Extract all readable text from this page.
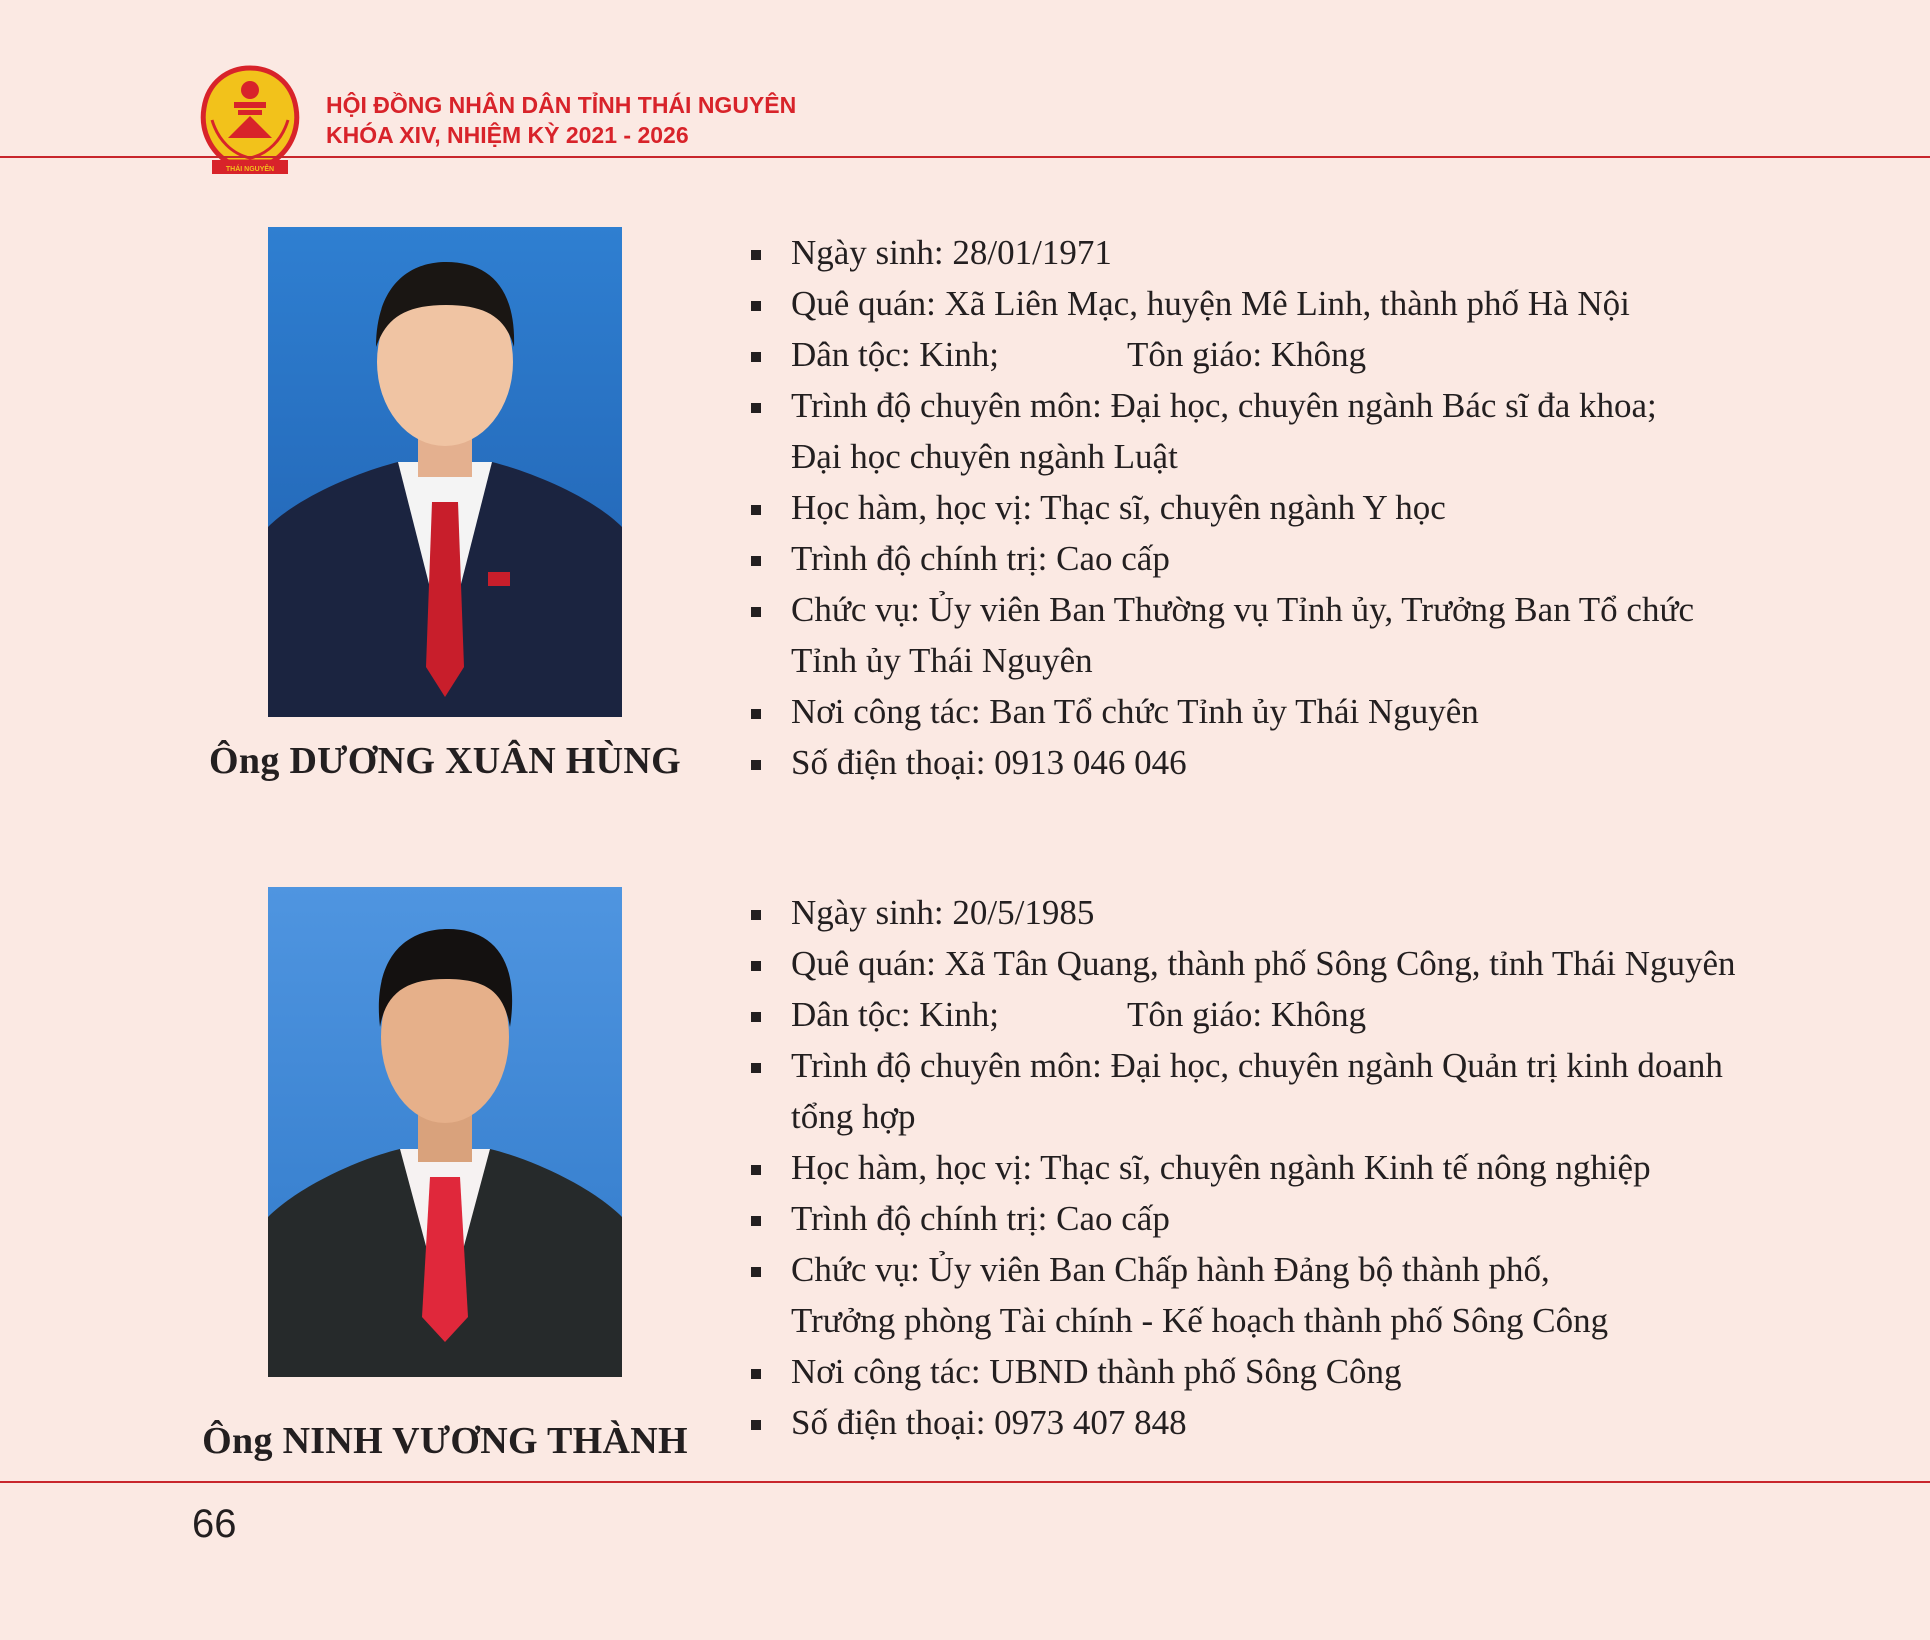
THÁI NGUYÊN
HỘI ĐỒNG NHÂN DÂN TỈNH THÁI NGUYÊN
KHÓA XIV, NHIỆM KỲ 2021 - 2026
Ông DƯƠNG XUÂN HÙNG
Ngày sinh: 28/01/1971
Quê quán: Xã Liên Mạc, huyện Mê Linh, thành phố Hà Nội
Dân tộc: Kinh;	Tôn giáo: Không
Trình độ chuyên môn: Đại học, chuyên ngành Bác sĩ đa khoa;
Đại học chuyên ngành Luật
Học hàm, học vị: Thạc sĩ, chuyên ngành Y học
Trình độ chính trị: Cao cấp
Chức vụ: Ủy viên Ban Thường vụ Tỉnh ủy, Trưởng Ban Tổ chức
Tỉnh ủy Thái Nguyên
Nơi công tác: Ban Tổ chức Tỉnh ủy Thái Nguyên
Số điện thoại: 0913 046 046
Ông NINH VƯƠNG THÀNH
Ngày sinh: 20/5/1985
Quê quán: Xã Tân Quang, thành phố Sông Công, tỉnh Thái Nguyên
Dân tộc: Kinh;	Tôn giáo: Không
Trình độ chuyên môn: Đại học, chuyên ngành Quản trị kinh doanh
tổng hợp
Học hàm, học vị: Thạc sĩ, chuyên ngành Kinh tế nông nghiệp
Trình độ chính trị: Cao cấp
Chức vụ: Ủy viên Ban Chấp hành Đảng bộ thành phố,
Trưởng phòng Tài chính - Kế hoạch thành phố Sông Công
Nơi công tác: UBND thành phố Sông Công
Số điện thoại: 0973 407 848
66
